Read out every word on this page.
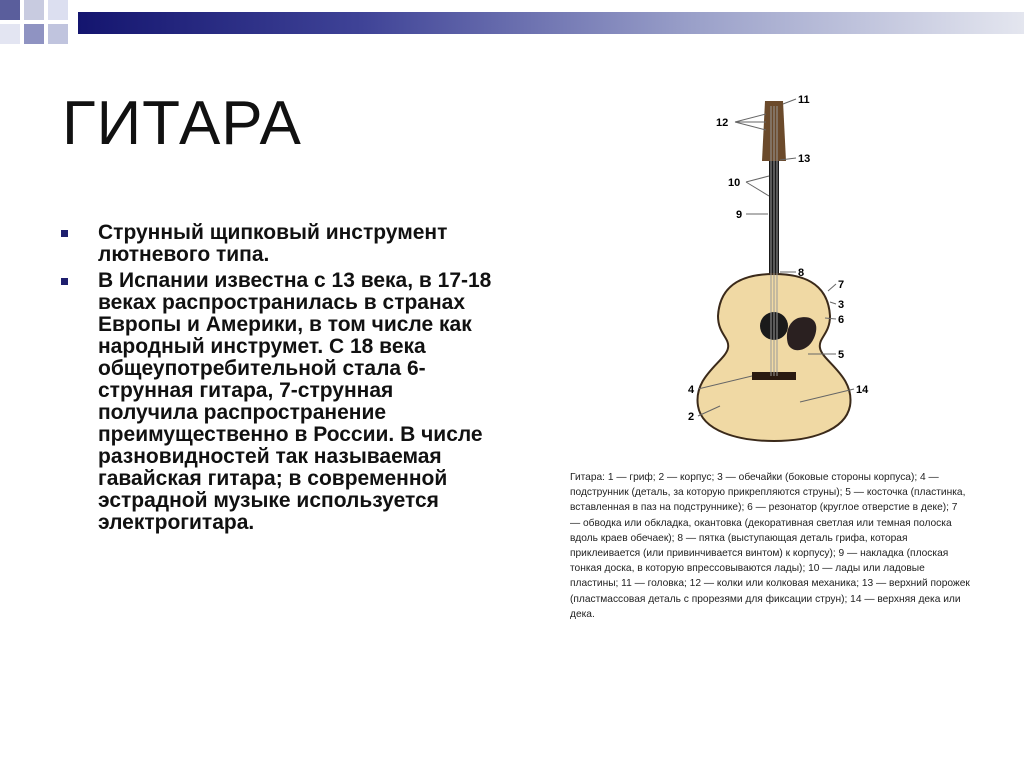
ГИТАРА
Струнный щипковый инструмент лютневого типа.
В Испании известна с 13 века, в 17-18 веках распространилась в странах Европы и Америки, в том числе как народный инструмет. С 18 века общеупотребительной стала 6-струнная гитара, 7-струнная получила распространение преимущественно в России. В числе разновидностей так называемая гавайская гитара; в современной эстрадной музыке используется электрогитара.
11
12
13
10
9
8
7
3
6
5
4	14
2
Гитара: 1 — гриф; 2 — корпус; 3 — обечайки (боковые стороны корпуса); 4 — подструнник (деталь, за которую прикрепляются струны); 5 — косточка (пластинка, вставленная в паз на подструннике); 6 — резонатор (круглое отверстие в деке); 7 — обводка или обкладка, окантовка (декоративная светлая или темная полоска вдоль краев обечаек); 8 — пятка (выступающая деталь грифа, которая приклеивается (или привинчивается винтом) к корпусу); 9 — накладка (плоская тонкая доска, в которую впрессовываются лады); 10 — лады или ладовые пластины; 11 — головка; 12 — колки или колковая механика; 13 — верхний порожек (пластмассовая деталь с прорезями для фиксации струн); 14 — верхняя дека или дека.
